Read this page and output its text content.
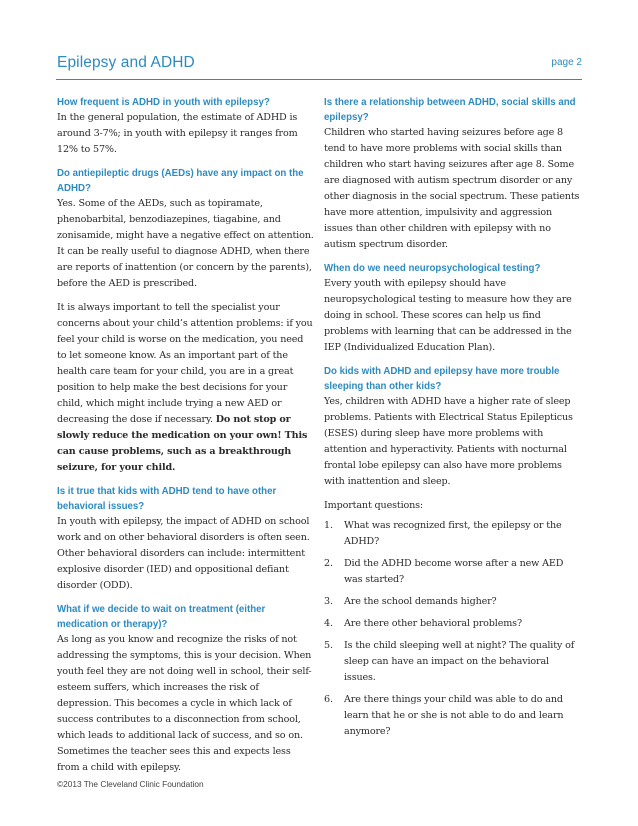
Epilepsy and ADHD	page 2
How frequent is ADHD in youth with epilepsy?

In the general population, the estimate of ADHD is around 3-7%; in youth with epilepsy it ranges from 12% to 57%.

Do antiepileptic drugs (AEDs) have any impact on the ADHD?

Yes. Some of the AEDs, such as topiramate, phenobarbital, benzodiazepines, tiagabine, and zonisamide, might have a negative effect on attention. It can be really useful to diagnose ADHD, when there are reports of inattention (or concern by the parents), before the AED is prescribed.

It is always important to tell the specialist your concerns about your child’s attention problems: if you feel your child is worse on the medication, you need to let someone know. As an important part of the health care team for your child, you are in a great position to help make the best decisions for your child, which might include trying a new AED or decreasing the dose if necessary. Do not stop or slowly reduce the medication on your own! This can cause problems, such as a breakthrough seizure, for your child.

Is it true that kids with ADHD tend to have other behavioral issues?

In youth with epilepsy, the impact of ADHD on school work and on other behavioral disorders is often seen. Other behavioral disorders can include: intermittent explosive disorder (IED) and oppositional defiant disorder (ODD).

What if we decide to wait on treatment (either medication or therapy)?

As long as you know and recognize the risks of not addressing the symptoms, this is your decision. When youth feel they are not doing well in school, their self-esteem suffers, which increases the risk of depression. This becomes a cycle in which lack of success contributes to a disconnection from school, which leads to additional lack of success, and so on. Sometimes the teacher sees this and expects less from a child with epilepsy.

Is there a relationship between ADHD, social skills and epilepsy?

Children who started having seizures before age 8 tend to have more problems with social skills than children who start having seizures after age 8. Some are diagnosed with autism spectrum disorder or any other diagnosis in the social spectrum. These patients have more attention, impulsivity and aggression issues than other children with epilepsy with no autism spectrum disorder.

When do we need neuropsychological testing?

Every youth with epilepsy should have neuropsychological testing to measure how they are doing in school. These scores can help us find problems with learning that can be addressed in the IEP (Individualized Education Plan).

Do kids with ADHD and epilepsy have more trouble sleeping than other kids?

Yes, children with ADHD have a higher rate of sleep problems. Patients with Electrical Status Epilepticus (ESES) during sleep have more problems with attention and hyperactivity. Patients with nocturnal frontal lobe epilepsy can also have more problems with inattention and sleep.

Important questions:

1. What was recognized first, the epilepsy or the ADHD?
2. Did the ADHD become worse after a new AED was started?
3. Are the school demands higher?
4. Are there other behavioral problems?
5. Is the child sleeping well at night? The quality of sleep can have an impact on the behavioral issues.
6. Are there things your child was able to do and learn that he or she is not able to do and learn anymore?
©2013 The Cleveland Clinic Foundation
